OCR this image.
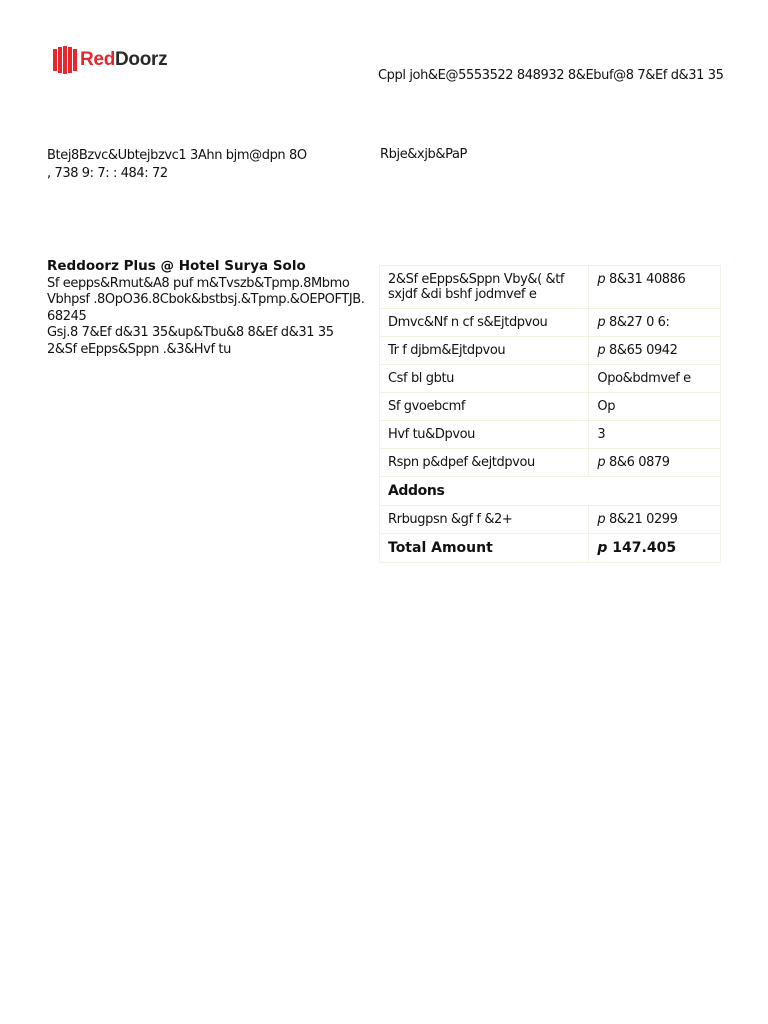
RedDoorz
Cppl joh&E@5553522 848932 8&Ebuf@8 7&Ef d&31 35
Btej8Bzvc&Ubtejbzvc1 3Ahn bjm@dpn 8O
, 738 9: 7: : 484: 72
Rbje&xjb&PaP
Reddoorz Plus @ Hotel Surya Solo
Sf eepps&Rmut&A8 puf m&Tvszb&Tpmp.8Mbmo
Vbhpsf .8OpO36.8Cbok&bstbsj.&Tpmp.&OEPOFTJB.
68245
Gsj.8 7&Ef d&31 35&up&Tbu&8 8&Ef d&31 35
2&Sf eEpps&Sppn .&3&Hvf tu
2&Sf eEpps&Sppn Vby&( &tf sxjdf &di bshf jodmvef e	p 8&31 40886
Dmvc&Nf n cf s&Ejtdpvou	p 8&27 0 6:
Tr f djbm&Ejtdpvou	p 8&65 0942
Csf bl gbtu	Opo&bdmvef e
Sf gvoebcmf	Op
Hvf tu&Dpvou	3
Rspn p&dpef &ejtdpvou	p 8&6 0879
Addons	
Rrbugpsn &gf f &2+	p 8&21 0299
Total Amount	p 147.405
